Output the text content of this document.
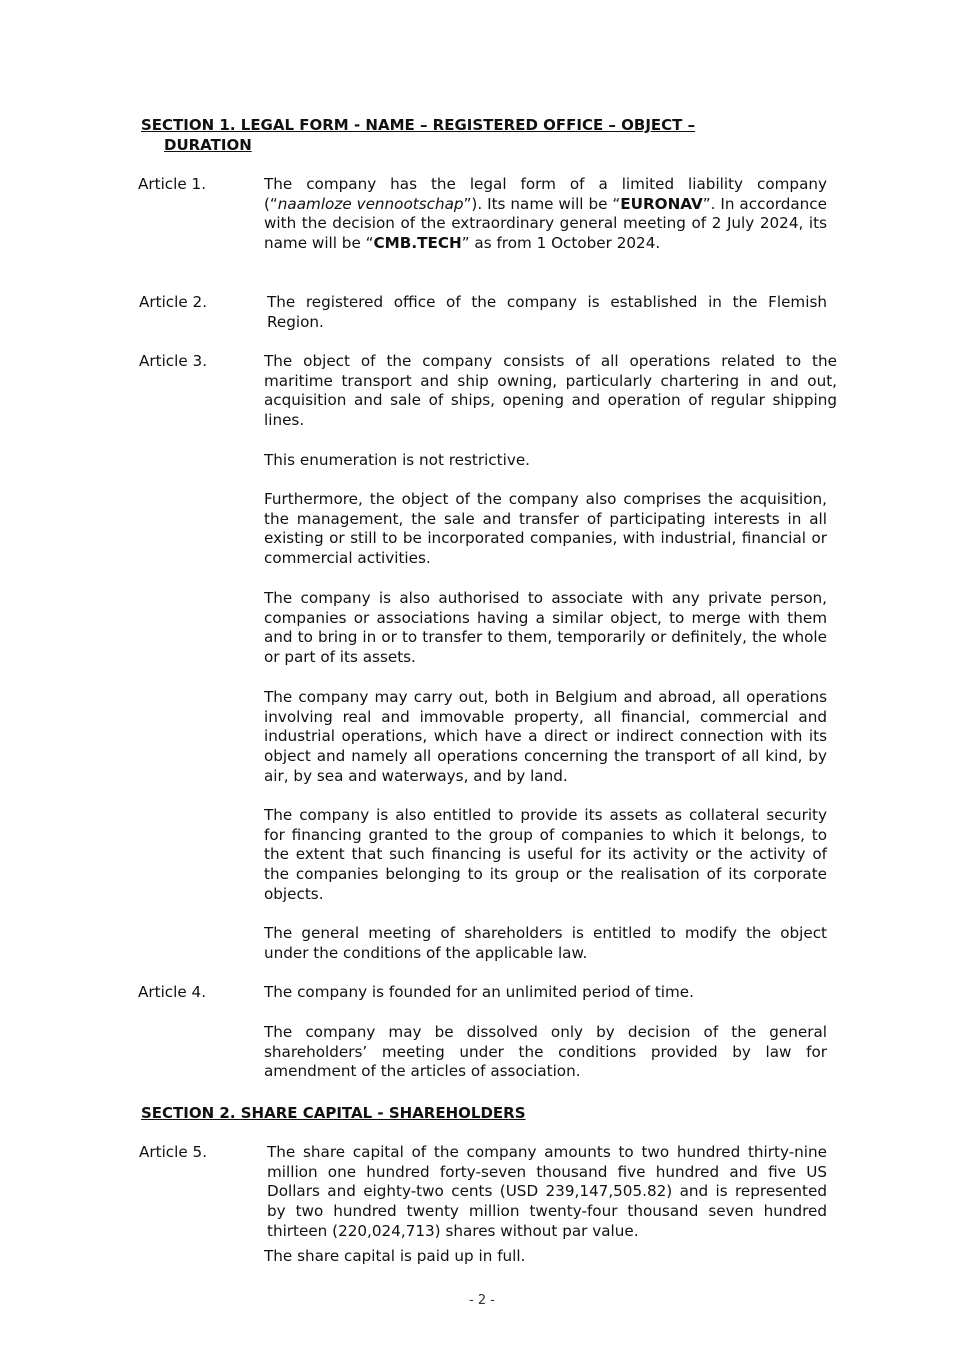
SECTION 1. LEGAL FORM - NAME – REGISTERED OFFICE – OBJECT –
DURATION
Article 1.	The company has the legal form of a limited liability company (“naamloze vennootschap”). Its name will be “EURONAV”. In accordance with the decision of the extraordinary general meeting of 2 July 2024, its name will be “CMB.TECH” as from 1 October 2024.

Article 2.	The registered office of the company is established in the Flemish Region.

Article 3.	The object of the company consists of all operations related to the maritime transport and ship owning, particularly chartering in and out, acquisition and sale of ships, opening and operation of regular shipping lines.

This enumeration is not restrictive.

Furthermore, the object of the company also comprises the acquisition, the management, the sale and transfer of participating interests in all existing or still to be incorporated companies, with industrial, financial or commercial activities.

The company is also authorised to associate with any private person, companies or associations having a similar object, to merge with them and to bring in or to transfer to them, temporarily or definitely, the whole or part of its assets.

The company may carry out, both in Belgium and abroad, all operations involving real and immovable property, all financial, commercial and industrial operations, which have a direct or indirect connection with its object and namely all operations concerning the transport of all kind, by air, by sea and waterways, and by land.

The company is also entitled to provide its assets as collateral security for financing granted to the group of companies to which it belongs, to the extent that such financing is useful for its activity or the activity of the companies belonging to its group or the realisation of its corporate objects.

The general meeting of shareholders is entitled to modify the object under the conditions of the applicable law.

Article 4.	The company is founded for an unlimited period of time.

The company may be dissolved only by decision of the general shareholders’ meeting under the conditions provided by law for amendment of the articles of association.

SECTION 2. SHARE CAPITAL - SHAREHOLDERS
Article 5.	The share capital of the company amounts to two hundred thirty-nine million one hundred forty-seven thousand five hundred and five US Dollars and eighty-two cents (USD 239,147,505.82) and is represented by two hundred twenty million twenty-four thousand seven hundred thirteen (220,024,713) shares without par value.

The share capital is paid up in full.

- 2 -
